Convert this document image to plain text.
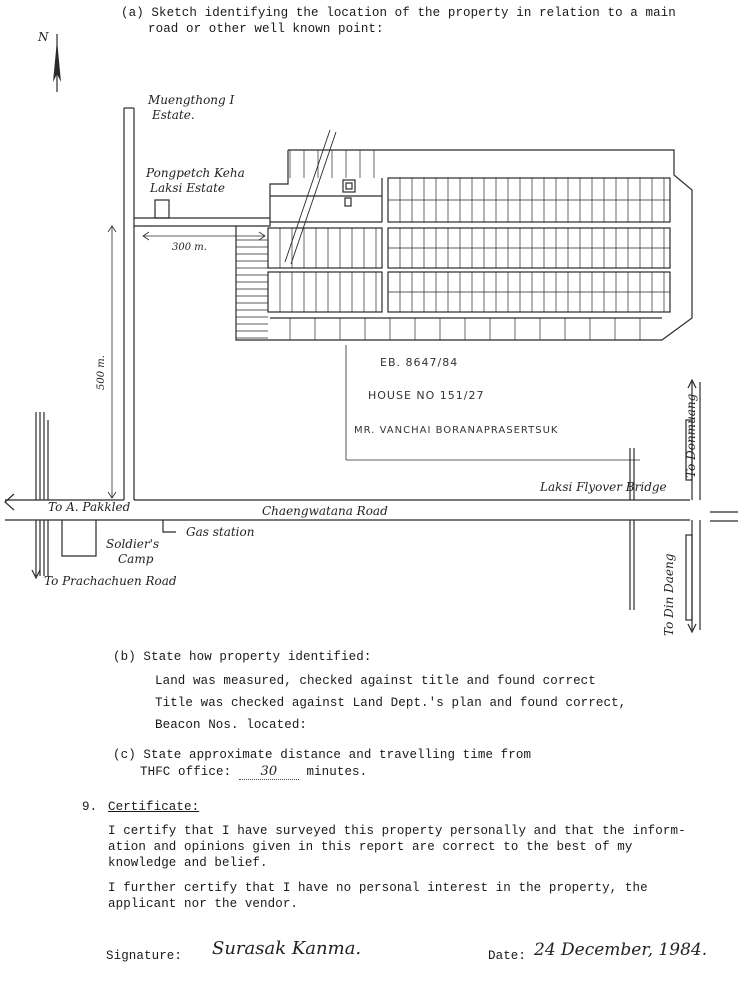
(a) Sketch identifying the location of the property in relation to a main
road or other well known point:
N
Muengthong I
Estate.
Pongpetch Keha
Laksi Estate
300 m.
500 m.	EB. 8647/84
HOUSE NO 151/27
MR. VANCHAI BORANAPRASERTSUK	To Donmuang
Laksi Flyover Bridge
To A. Pakkled	Chaengwatana Road
Gas station
Soldier's
Camp
To Prachachuen Road	To Din Daeng
(b) State how property identified:
Land was measured, checked against title and found correct
Title was checked against Land Dept.'s plan and found correct,
Beacon Nos. located:
(c) State approximate distance and travelling time from
THFC office: 30 minutes.
9. Certificate:
I certify that I have surveyed this property personally and that the inform-
ation and opinions given in this report are correct to the best of my
knowledge and belief.
I further certify that I have no personal interest in the property, the
applicant nor the vendor.
Signature: Surasak Kanma.	Date: 24 December, 1984.
